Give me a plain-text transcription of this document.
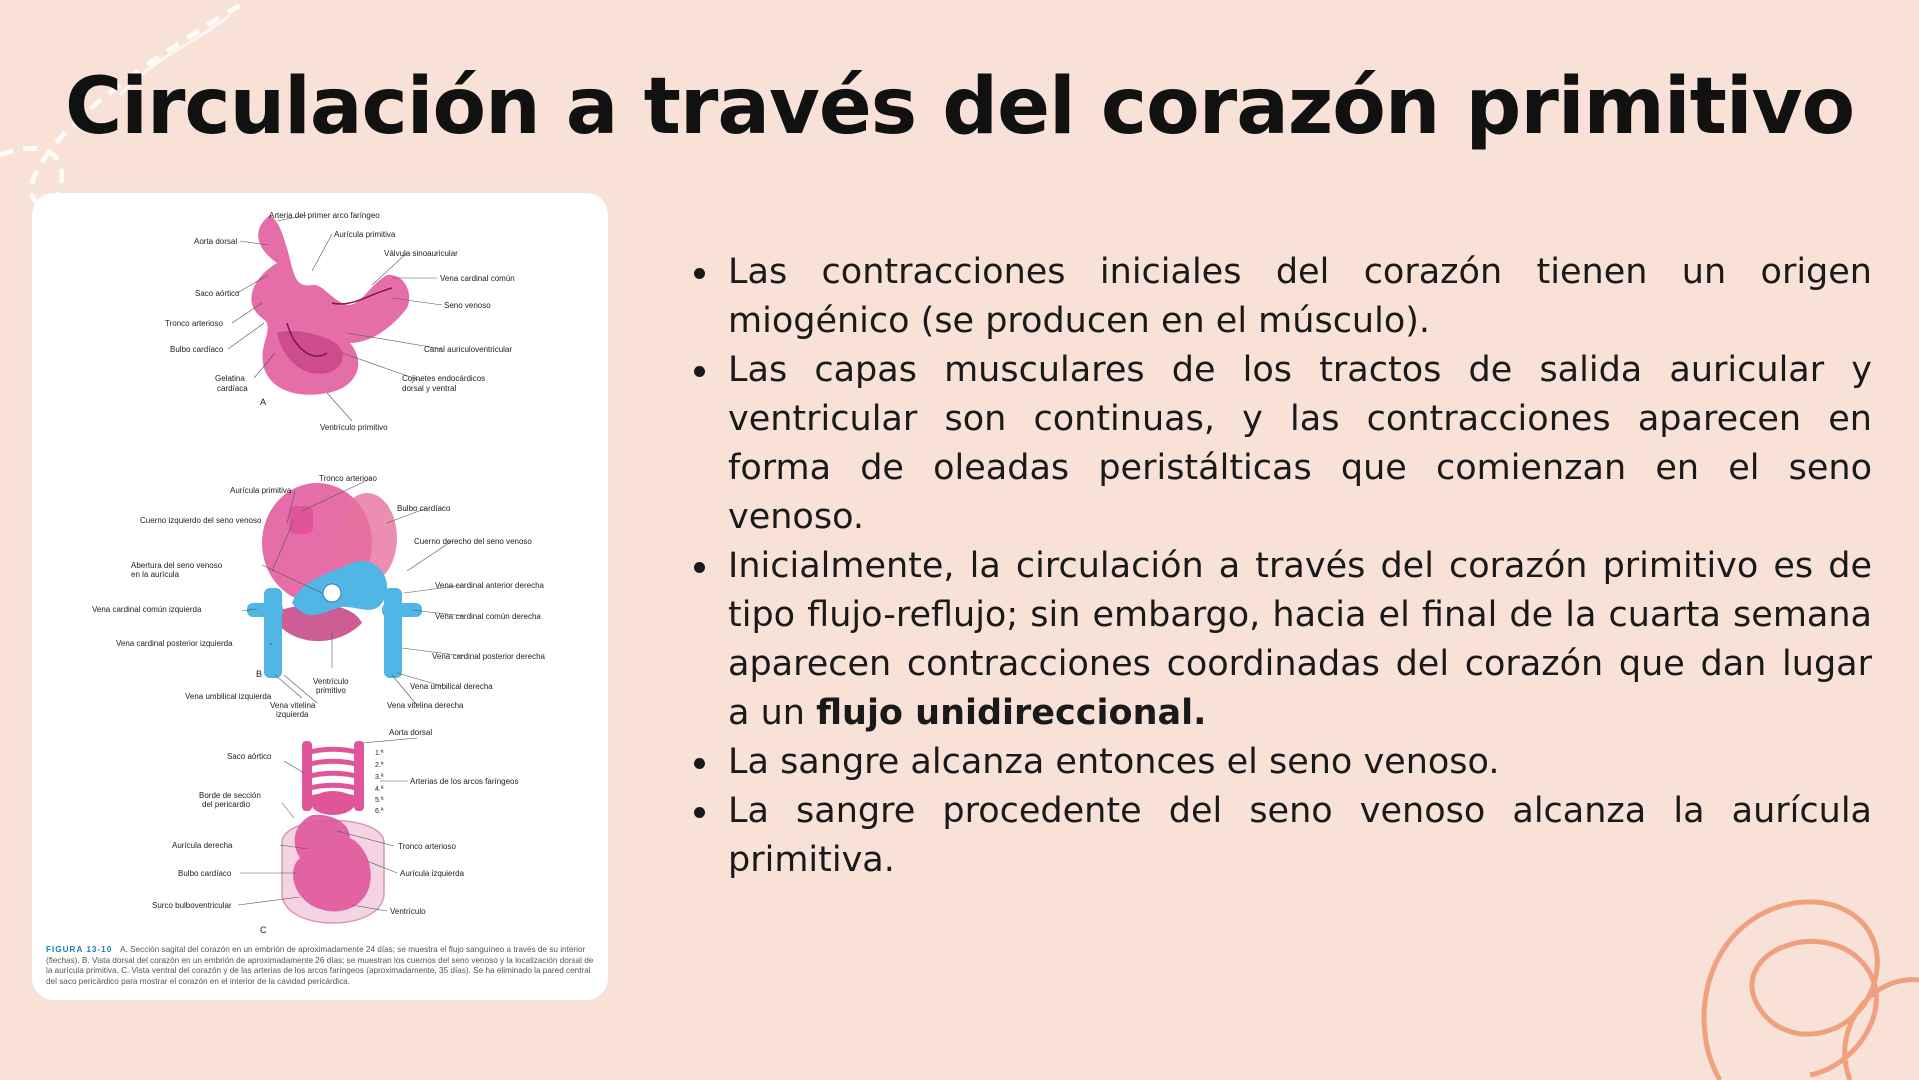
Circulación a través del corazón primitivo
Arteria del primer arco faríngeo
Aorta dorsal
Aurícula primitiva
Válvula sinoauricular
Saco aórtico
Vena cardinal común
Seno venoso
Tronco arterioso
Bulbo cardíaco	Canal auriculoventricular
Gelatina
cardíaca
Cojinetes endocárdicos
dorsal y ventral
A
Ventrículo primitivo
Tronco arterioso
Aurícula primitiva
Bulbo cardíaco
Cuerno izquierdo del seno venoso
Cuerno derecho del seno venoso
Abertura del seno venoso
en la aurícula
Vena cardinal anterior derecha
Vena cardinal común izquierda
Vena cardinal común derecha
Vena cardinal posterior izquierda
Vena cardinal posterior derecha
B
Ventrículo
primitivo	Vena umbilical derecha
Vena umbilical izquierda
Vena vitelina
izquierda
Vena vitelina derecha
Aorta dorsal
Saco aórtico	1.ª
2.ª
3.ª
4.ª
5.ª
6.ª
Arterias de los arcos faríngeos
Borde de sección
del pericardio
Aurícula derecha	Tronco arterioso
Bulbo cardíaco	Aurícula izquierda
Surco bulboventricular
Ventrículo
C
FIGURA 13-10 A. Sección sagital del corazón en un embrión de aproximadamente 24 días; se muestra el flujo sanguíneo a través de su interior (flechas). B. Vista dorsal del corazón en un embrión de aproximadamente 26 días; se muestran los cuernos del seno venoso y la localización dorsal de la aurícula primitiva. C. Vista ventral del corazón y de las arterias de los arcos faríngeos (aproximadamente, 35 días). Se ha eliminado la pared central del saco pericárdico para mostrar el corazón en el interior de la cavidad pericárdica.
Las contracciones iniciales del corazón tienen un origen miogénico (se producen en el músculo).
Las capas musculares de los tractos de salida auricular y ventricular son continuas, y las contracciones aparecen en forma de oleadas peristálticas que comienzan en el seno venoso.
Inicialmente, la circulación a través del corazón primitivo es de tipo flujo-reflujo; sin embargo, hacia el final de la cuarta semana aparecen contracciones coordinadas del corazón que dan lugar a un flujo unidireccional.
La sangre alcanza entonces el seno venoso.
La sangre procedente del seno venoso alcanza la aurícula primitiva.
